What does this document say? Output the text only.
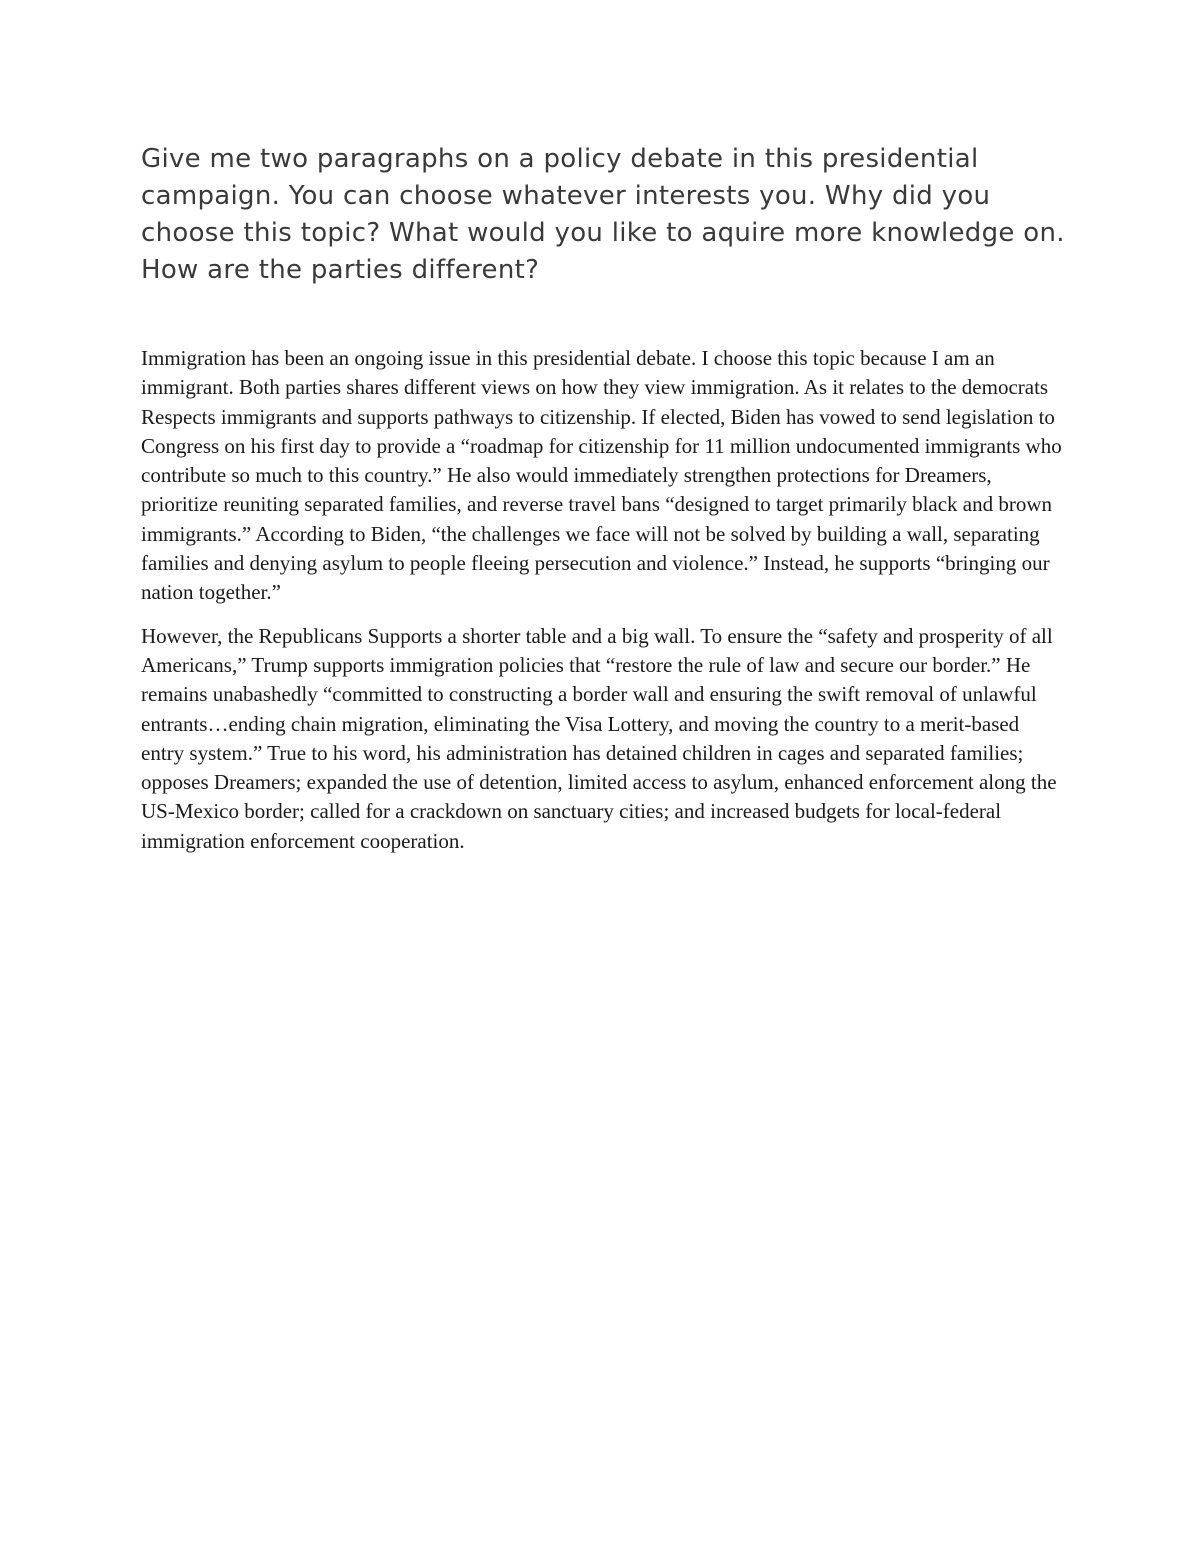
Give me two paragraphs on a policy debate in this presidential campaign. You can choose whatever interests you. Why did you choose this topic? What would you like to aquire more knowledge on. How are the parties different?

Immigration has been an ongoing issue in this presidential debate. I choose this topic because I am an immigrant. Both parties shares different views on how they view immigration. As it relates to the democrats Respects immigrants and supports pathways to citizenship. If elected, Biden has vowed to send legislation to Congress on his first day to provide a “roadmap for citizenship for 11 million undocumented immigrants who contribute so much to this country.” He also would immediately strengthen protections for Dreamers, prioritize reuniting separated families, and reverse travel bans “designed to target primarily black and brown immigrants.” According to Biden, “the challenges we face will not be solved by building a wall, separating families and denying asylum to people fleeing persecution and violence.” Instead, he supports “bringing our nation together.”

However, the Republicans Supports a shorter table and a big wall. To ensure the “safety and prosperity of all Americans,” Trump supports immigration policies that “restore the rule of law and secure our border.” He remains unabashedly “committed to constructing a border wall and ensuring the swift removal of unlawful entrants…ending chain migration, eliminating the Visa Lottery, and moving the country to a merit-based entry system.” True to his word, his administration has detained children in cages and separated families; opposes Dreamers; expanded the use of detention, limited access to asylum, enhanced enforcement along the US-Mexico border; called for a crackdown on sanctuary cities; and increased budgets for local-federal immigration enforcement cooperation.
